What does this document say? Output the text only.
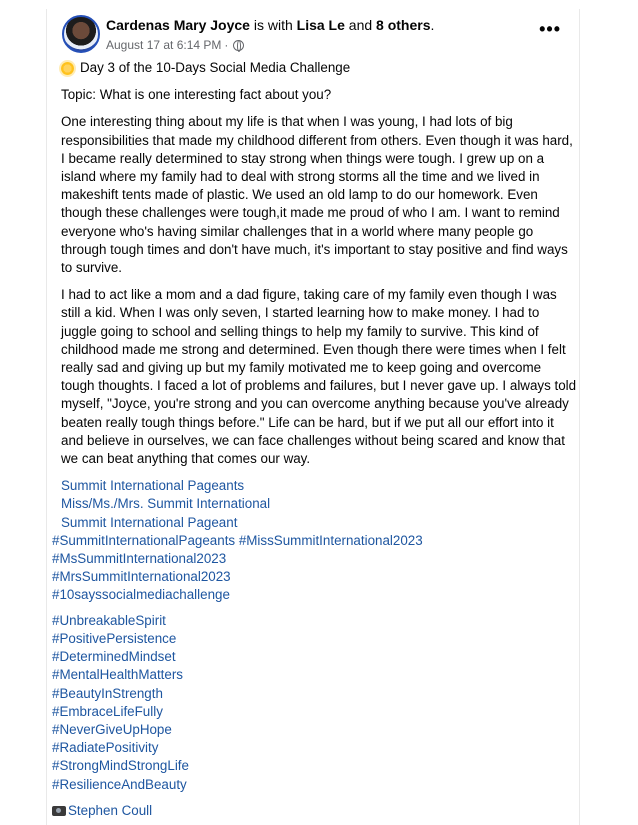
Cardenas Mary Joyce is with Lisa Le and 8 others.
August 17 at 6:14 PM ·
•••
Day 3 of the 10-Days Social Media Challenge
Topic: What is one interesting fact about you?
One interesting thing about my life is that when I was young, I had lots of big responsibilities that made my childhood different from others. Even though it was hard, I became really determined to stay strong when things were tough. I grew up on a island where my family had to deal with strong storms all the time and we lived in makeshift tents made of plastic. We used an old lamp to do our homework. Even though these challenges were tough,it made me proud of who I am. I want to remind everyone who's having similar challenges that in a world where many people go through tough times and don't have much, it's important to stay positive and find ways to survive.
I had to act like a mom and a dad figure, taking care of my family even though I was still a kid. When I was only seven, I started learning how to make money. I had to juggle going to school and selling things to help my family to survive. This kind of childhood made me strong and determined. Even though there were times when I felt really sad and giving up but my family motivated me to keep going and overcome tough thoughts. I faced a lot of problems and failures, but I never gave up. I always told myself, "Joyce, you're strong and you can overcome anything because you've already beaten really tough things before." Life can be hard, but if we put all our effort into it and believe in ourselves, we can face challenges without being scared and know that we can beat anything that comes our way.
Summit International Pageants
Miss/Ms./Mrs. Summit International
Summit International Pageant
#SummitInternationalPageants #MissSummitInternational2023
#MsSummitInternational2023
#MrsSummitInternational2023
#10sayssocialmediachallenge
#UnbreakableSpirit
#PositivePersistence
#DeterminedMindset
#MentalHealthMatters
#BeautyInStrength
#EmbraceLifeFully
#NeverGiveUpHope
#RadiatePositivity
#StrongMindStrongLife
#ResilienceAndBeauty
Stephen Coull
